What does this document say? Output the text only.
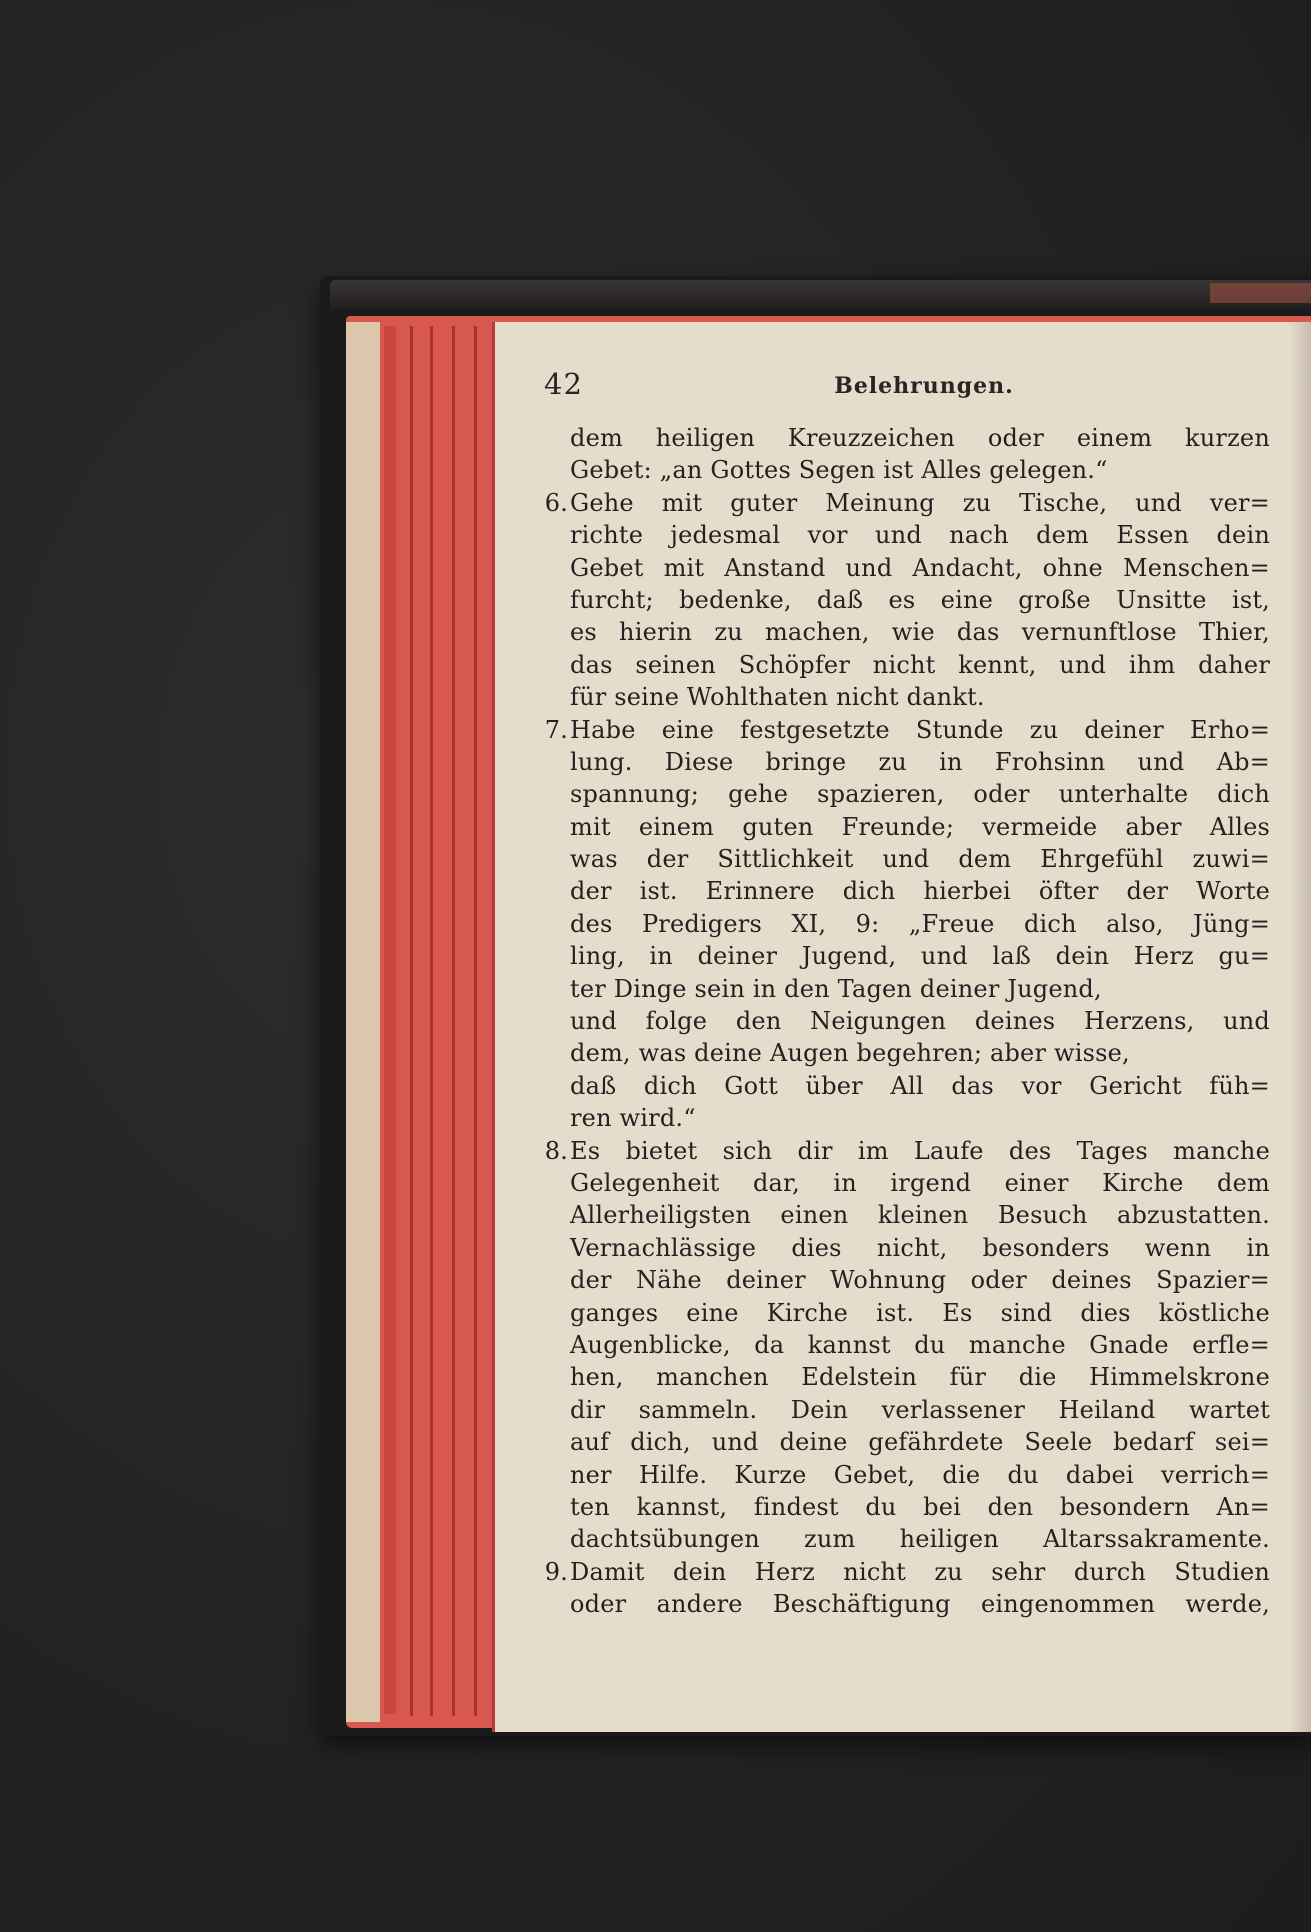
42	Belehrungen.
dem heiligen Kreuzzeichen oder einem kurzen
Gebet: „an Gottes Segen ist Alles gelegen.“
6.Gehe mit guter Meinung zu Tische, und ver=
richte jedesmal vor und nach dem Essen dein
Gebet mit Anstand und Andacht, ohne Menschen=
furcht; bedenke, daß es eine große Unsitte ist,
es hierin zu machen, wie das vernunftlose Thier,
das seinen Schöpfer nicht kennt, und ihm daher
für seine Wohlthaten nicht dankt.
7.Habe eine festgesetzte Stunde zu deiner Erho=
lung. Diese bringe zu in Frohsinn und Ab=
spannung; gehe spazieren, oder unterhalte dich
mit einem guten Freunde; vermeide aber Alles
was der Sittlichkeit und dem Ehrgefühl zuwi=
der ist. Erinnere dich hierbei öfter der Worte
des Predigers XI, 9: „Freue dich also, Jüng=
ling, in deiner Jugend, und laß dein Herz gu=
ter Dinge sein in den Tagen deiner Jugend,
und folge den Neigungen deines Herzens, und
dem, was deine Augen begehren; aber wisse,
daß dich Gott über All das vor Gericht füh=
ren wird.“
8.Es bietet sich dir im Laufe des Tages manche
Gelegenheit dar, in irgend einer Kirche dem
Allerheiligsten einen kleinen Besuch abzustatten.
Vernachlässige dies nicht, besonders wenn in
der Nähe deiner Wohnung oder deines Spazier=
ganges eine Kirche ist. Es sind dies köstliche
Augenblicke, da kannst du manche Gnade erfle=
hen, manchen Edelstein für die Himmelskrone
dir sammeln. Dein verlassener Heiland wartet
auf dich, und deine gefährdete Seele bedarf sei=
ner Hilfe. Kurze Gebet, die du dabei verrich=
ten kannst, findest du bei den besondern An=
dachtsübungen zum heiligen Altarssakramente.
9.Damit dein Herz nicht zu sehr durch Studien
oder andere Beschäftigung eingenommen werde,
